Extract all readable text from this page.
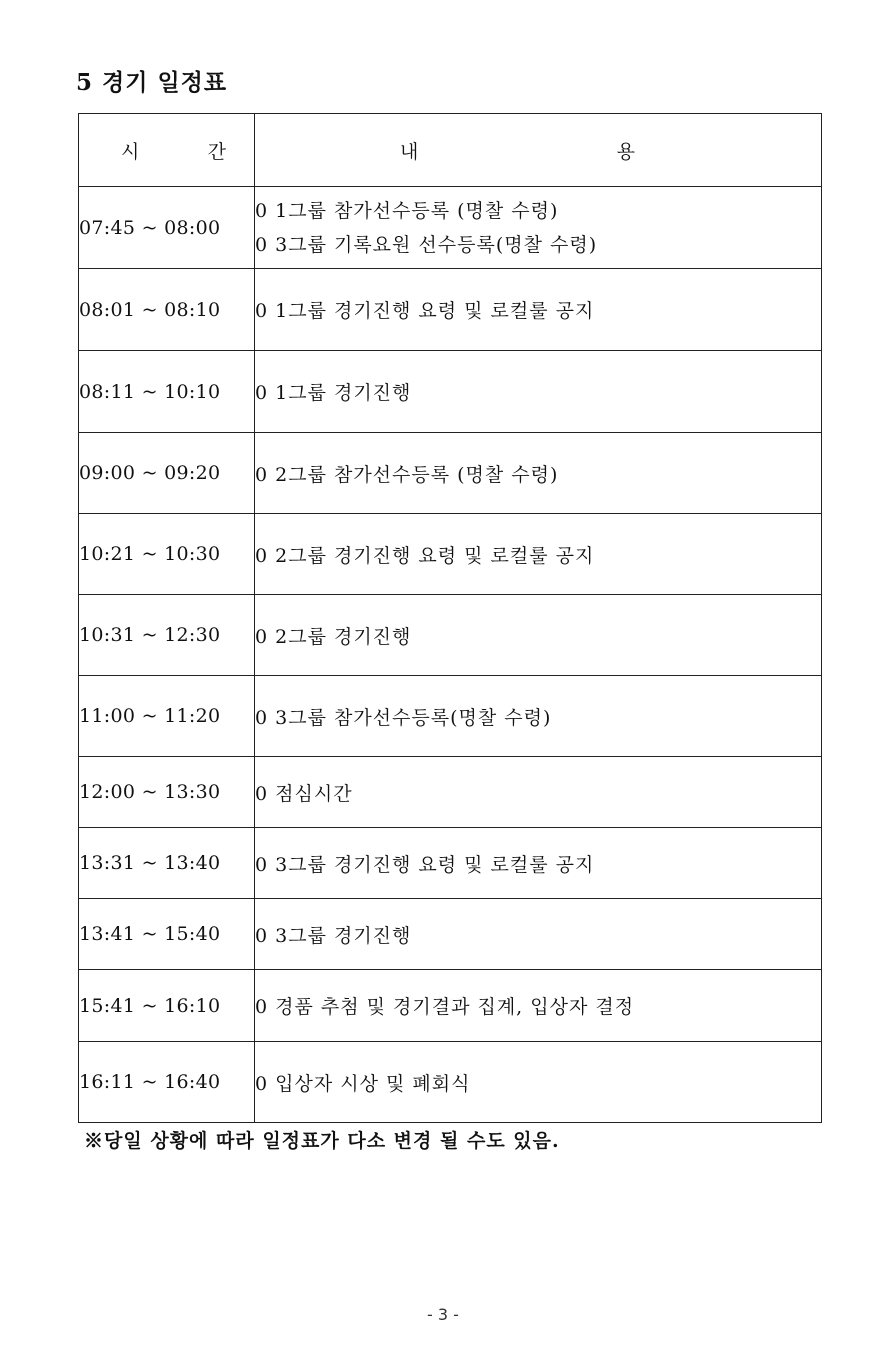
5 경기 일정표
시 간	내 용

07:45 ~ 08:00	0 1그룹 참가선수등록 (명찰 수령)
0 3그룹 기록요원 선수등록(명찰 수령)

08:01 ~ 08:10	0 1그룹 경기진행 요령 및 로컬룰 공지
08:11 ~ 10:10	0 1그룹 경기진행
09:00 ~ 09:20	0 2그룹 참가선수등록 (명찰 수령)
10:21 ~ 10:30	0 2그룹 경기진행 요령 및 로컬룰 공지
10:31 ~ 12:30	0 2그룹 경기진행
11:00 ~ 11:20	0 3그룹 참가선수등록(명찰 수령)
12:00 ~ 13:30	0 점심시간
13:31 ~ 13:40	0 3그룹 경기진행 요령 및 로컬룰 공지
13:41 ~ 15:40	0 3그룹 경기진행
15:41 ~ 16:10	0 경품 추첨 및 경기결과 집계, 입상자 결정
16:11 ~ 16:40	0 입상자 시상 및 폐회식
※당일 상황에 따라 일정표가 다소 변경 될 수도 있음.
- 3 -
